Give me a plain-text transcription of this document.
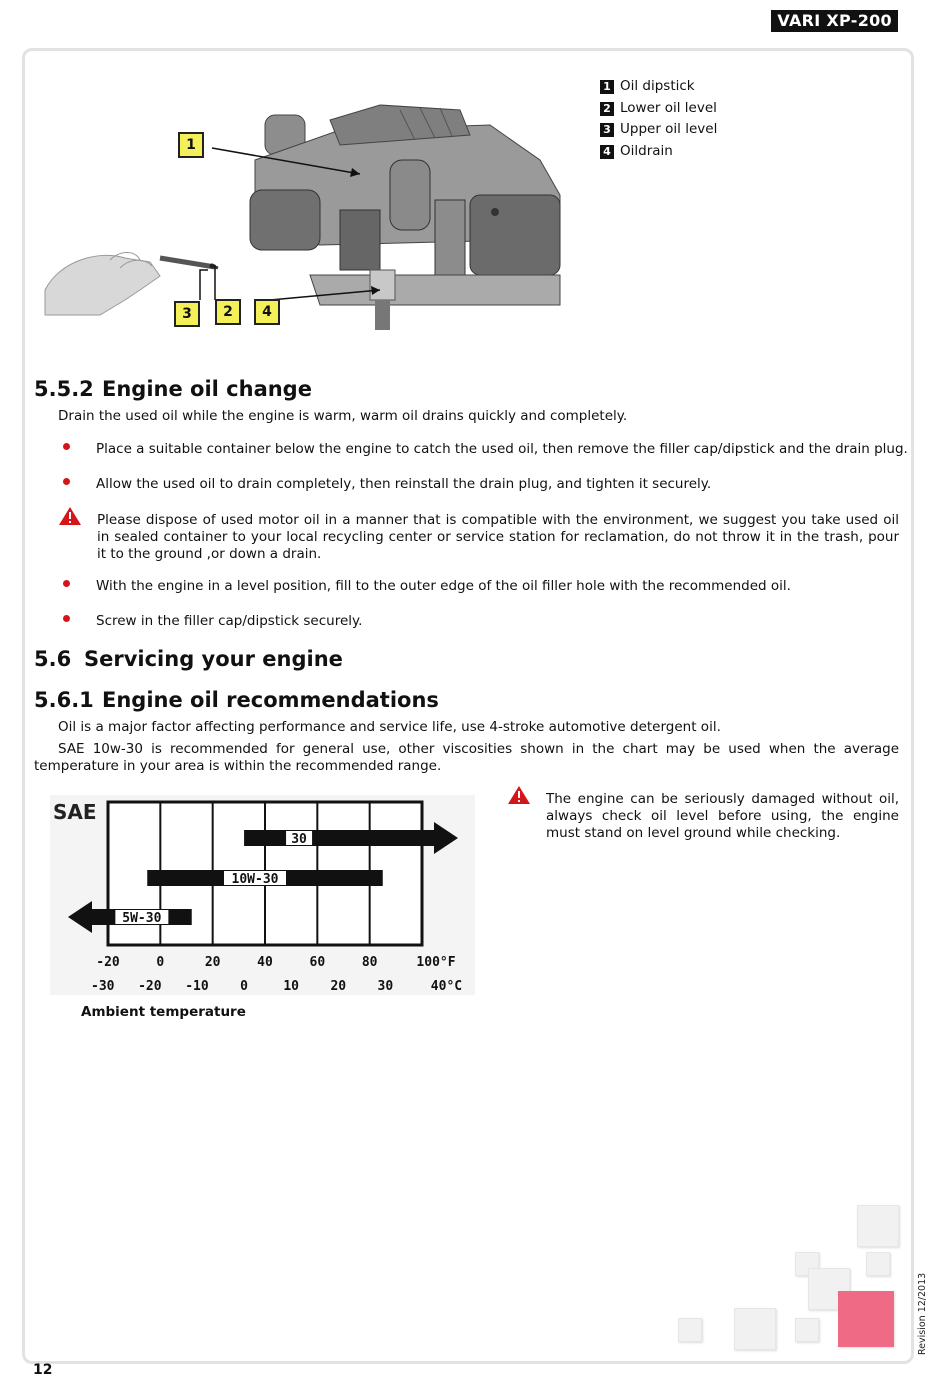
VARI XP-200
1
3	2	4
1 Oil dipstick
2 Lower oil level
3 Upper oil level
4 Oildrain
5.5.2 Engine oil change
Drain the used oil while the engine is warm, warm oil drains quickly and completely.
Place a suitable container below the engine to catch the used oil, then remove the filler cap/dipstick and the drain plug.
Allow the used oil to drain completely, then reinstall the drain plug, and tighten it securely.
Please dispose of used motor oil in a manner that is compatible with the environment, we suggest you take used oil in sealed container to your local recycling center or service station for reclamation, do not throw it in the trash, pour it to the ground ,or down a drain.
With the engine in a level position, fill to the outer edge of the oil filler hole with the recommended oil.
Screw in the filler cap/dipstick securely.
5.6 Servicing your engine
5.6.1 Engine oil recommendations
Oil is a major factor affecting performance and service life, use 4-stroke automotive detergent oil.
SAE 10w-30 is recommended for general use, other viscosities shown in the chart may be used when the average temperature in your area is within the recommended range.
The engine can be seriously damaged without oil, always check oil level before using, the engine must stand on level ground while checking.
SAE
30
10W-30
5W-30
-20	0	20	40	60	80	100°F
-30 -20 -10 0	10 20 30	40°C
Ambient temperature
Revision 12/2013
12
